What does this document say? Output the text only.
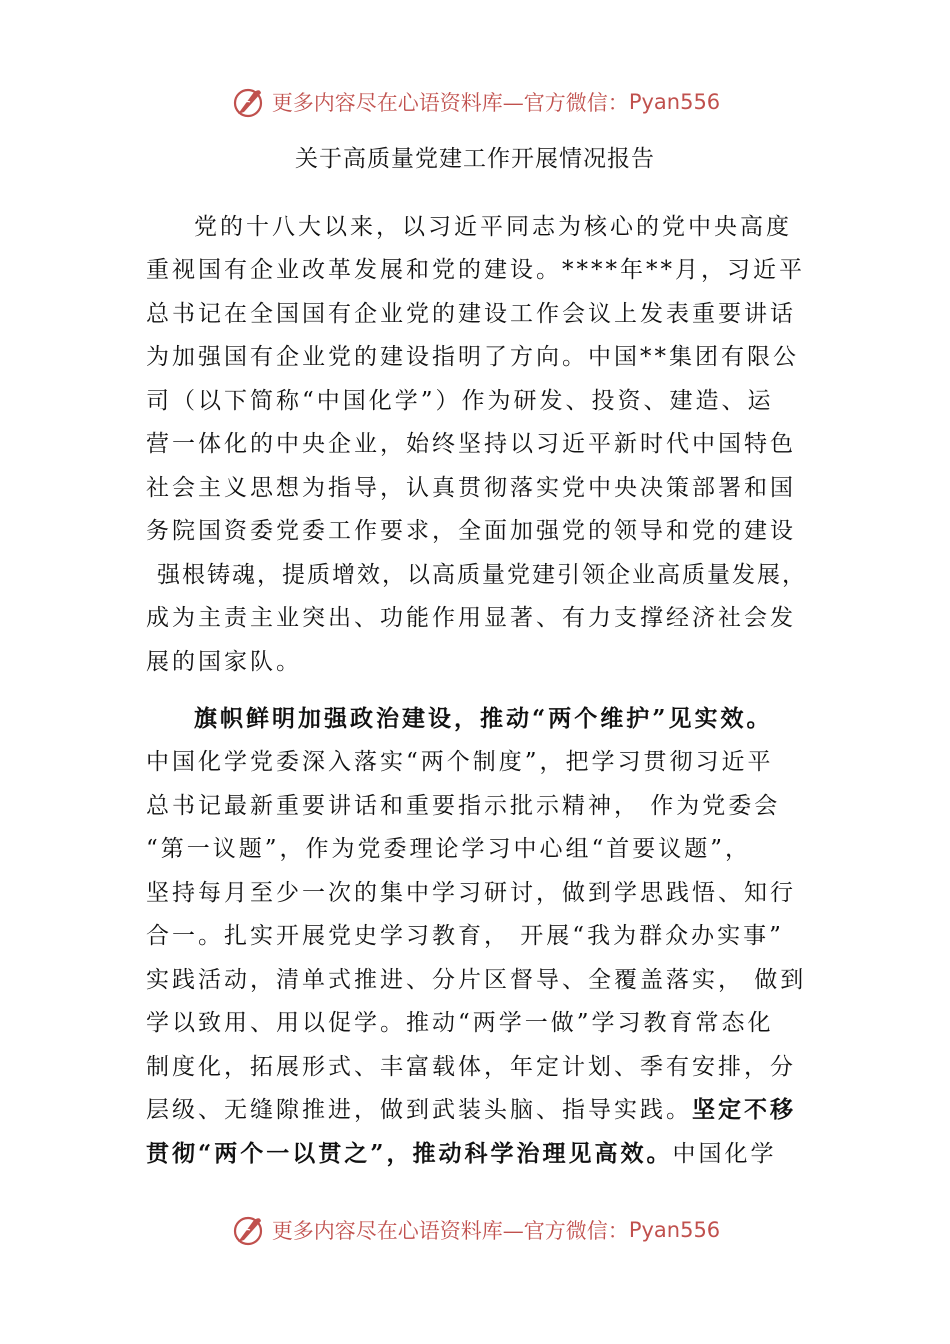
更多内容尽在心语资料库—官方微信： Pyan556
关于高质量党建工作开展情况报告
党的十八大以来，以习近平同志为核心的党中央高度
重视国有企业改革发展和党的建设。****年**月，习近平
总书记在全国国有企业党的建设工作会议上发表重要讲话
为加强国有企业党的建设指明了方向。中国**集团有限公
司（以下简称“中国化学”）作为研发、投资、建造、运
营一体化的中央企业，始终坚持以习近平新时代中国特色
社会主义思想为指导，认真贯彻落实党中央决策部署和国
务院国资委党委工作要求，全面加强党的领导和党的建设
强根铸魂，提质增效，以高质量党建引领企业高质量发展，
成为主责主业突出、功能作用显著、有力支撑经济社会发
展的国家队。
旗帜鲜明加强政治建设，推动“两个维护”见实效。
中国化学党委深入落实“两个制度”，把学习贯彻习近平
总书记最新重要讲话和重要指示批示精神， 作为党委会
“第一议题”，作为党委理论学习中心组“首要议题”，
坚持每月至少一次的集中学习研讨，做到学思践悟、知行
合一。扎实开展党史学习教育， 开展“我为群众办实事”
实践活动，清单式推进、分片区督导、全覆盖落实， 做到
学以致用、用以促学。推动“两学一做”学习教育常态化
制度化，拓展形式、丰富载体，年定计划、季有安排，分
层级、无缝隙推进，做到武装头脑、指导实践。坚定不移
贯彻“两个一以贯之”，推动科学治理见高效。中国化学
更多内容尽在心语资料库—官方微信： Pyan556
